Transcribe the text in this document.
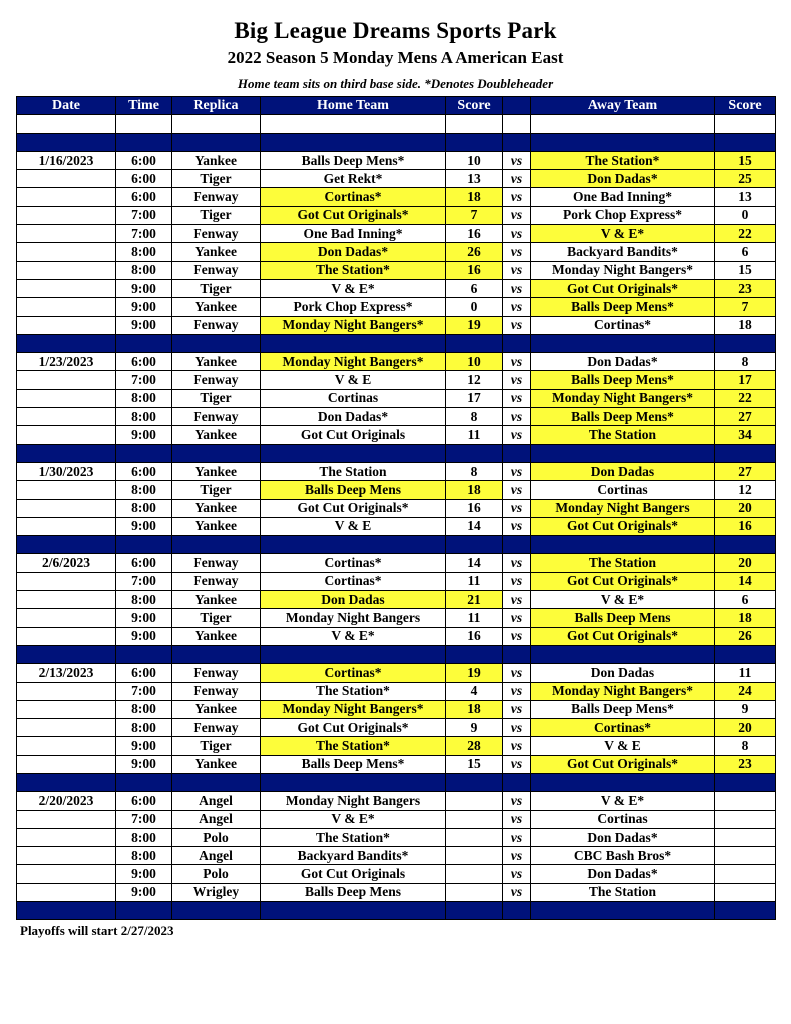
Big League Dreams Sports Park
2022 Season 5 Monday Mens A American East
Home team sits on third base side. *Denotes Doubleheader
Date	Time	Replica	Home Team	Score		Away Team	Score

1/16/2023	6:00	Yankee	Balls Deep Mens*	10	vs	The Station*	15
	6:00	Tiger	Get Rekt*	13	vs	Don Dadas*	25
	6:00	Fenway	Cortinas*	18	vs	One Bad Inning*	13
	7:00	Tiger	Got Cut Originals*	7	vs	Pork Chop Express*	0
	7:00	Fenway	One Bad Inning*	16	vs	V & E*	22
	8:00	Yankee	Don Dadas*	26	vs	Backyard Bandits*	6
	8:00	Fenway	The Station*	16	vs	Monday Night Bangers*	15
	9:00	Tiger	V & E*	6	vs	Got Cut Originals*	23
	9:00	Yankee	Pork Chop Express*	0	vs	Balls Deep Mens*	7
	9:00	Fenway	Monday Night Bangers*	19	vs	Cortinas*	18

1/23/2023	6:00	Yankee	Monday Night Bangers*	10	vs	Don Dadas*	8
	7:00	Fenway	V & E	12	vs	Balls Deep Mens*	17
	8:00	Tiger	Cortinas	17	vs	Monday Night Bangers*	22
	8:00	Fenway	Don Dadas*	8	vs	Balls Deep Mens*	27
	9:00	Yankee	Got Cut Originals	11	vs	The Station	34

1/30/2023	6:00	Yankee	The Station	8	vs	Don Dadas	27
	8:00	Tiger	Balls Deep Mens	18	vs	Cortinas	12
	8:00	Yankee	Got Cut Originals*	16	vs	Monday Night Bangers	20
	9:00	Yankee	V & E	14	vs	Got Cut Originals*	16

2/6/2023	6:00	Fenway	Cortinas*	14	vs	The Station	20
	7:00	Fenway	Cortinas*	11	vs	Got Cut Originals*	14
	8:00	Yankee	Don Dadas	21	vs	V & E*	6
	9:00	Tiger	Monday Night Bangers	11	vs	Balls Deep Mens	18
	9:00	Yankee	V & E*	16	vs	Got Cut Originals*	26

2/13/2023	6:00	Fenway	Cortinas*	19	vs	Don Dadas	11
	7:00	Fenway	The Station*	4	vs	Monday Night Bangers*	24
	8:00	Yankee	Monday Night Bangers*	18	vs	Balls Deep Mens*	9
	8:00	Fenway	Got Cut Originals*	9	vs	Cortinas*	20
	9:00	Tiger	The Station*	28	vs	V & E	8
	9:00	Yankee	Balls Deep Mens*	15	vs	Got Cut Originals*	23

2/20/2023	6:00	Angel	Monday Night Bangers		vs	V & E*	
	7:00	Angel	V & E*		vs	Cortinas	
	8:00	Polo	The Station*		vs	Don Dadas*	
	8:00	Angel	Backyard Bandits*		vs	CBC Bash Bros*	
	9:00	Polo	Got Cut Originals		vs	Don Dadas*	
	9:00	Wrigley	Balls Deep Mens		vs	The Station	

Playoffs will start 2/27/2023
